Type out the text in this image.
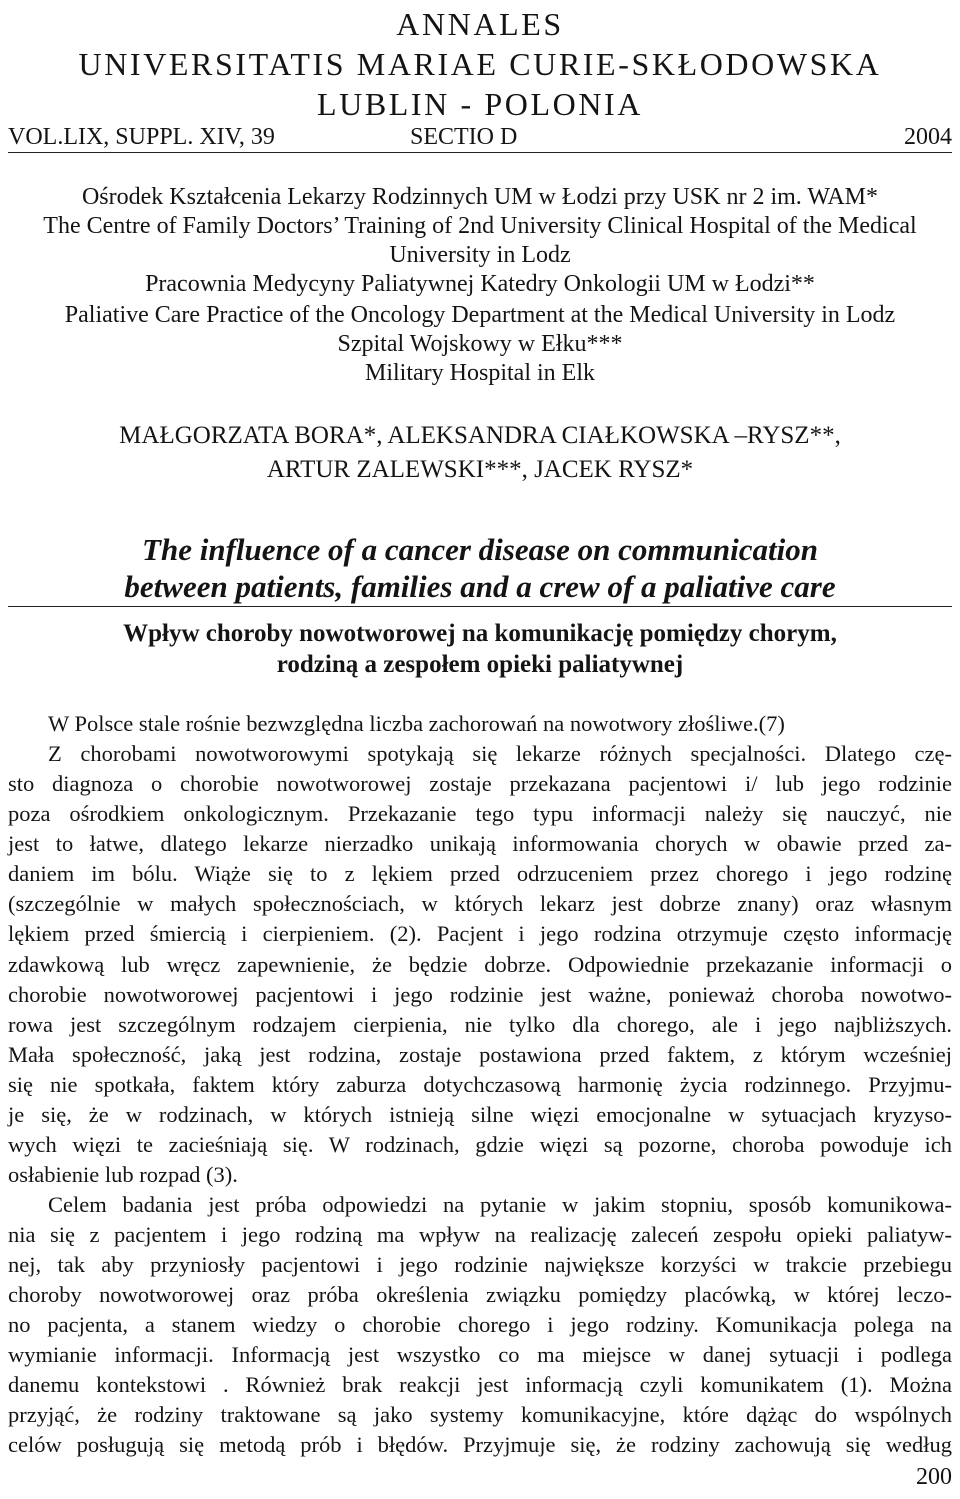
ANNALES
UNIVERSITATIS MARIAE CURIE-SKŁODOWSKA
LUBLIN - POLONIA
VOL.LIX, SUPPL. XIV, 39	SECTIO D	2004
Ośrodek Kształcenia Lekarzy Rodzinnych UM w Łodzi przy USK nr 2 im. WAM*
The Centre of Family Doctors’ Training of 2nd University Clinical Hospital of the Medical
University in Lodz
Pracownia Medycyny Paliatywnej Katedry Onkologii UM w Łodzi**
Paliative Care Practice of the Oncology Department at the Medical University in Lodz
Szpital Wojskowy w Ełku***
Military Hospital in Elk
MAŁGORZATA BORA*, ALEKSANDRA CIAŁKOWSKA –RYSZ**,
ARTUR ZALEWSKI***, JACEK RYSZ*
The influence of a cancer disease on communication
between patients, families and a crew of a paliative care
Wpływ choroby nowotworowej na komunikację pomiędzy chorym,
rodziną a zespołem opieki paliatywnej
W Polsce stale rośnie bezwzględna liczba zachorowań na nowotwory złośliwe.(7)
Z chorobami nowotworowymi spotykają się lekarze różnych specjalności. Dlatego czę-
sto diagnoza o chorobie nowotworowej zostaje przekazana pacjentowi i/ lub jego rodzinie
poza ośrodkiem onkologicznym. Przekazanie tego typu informacji należy się nauczyć, nie
jest to łatwe, dlatego lekarze nierzadko unikają informowania chorych w obawie przed za-
daniem im bólu. Wiąże się to z lękiem przed odrzuceniem przez chorego i jego rodzinę
(szczególnie w małych społecznościach, w których lekarz jest dobrze znany) oraz własnym
lękiem przed śmiercią i cierpieniem. (2). Pacjent i jego rodzina otrzymuje często informację
zdawkową lub wręcz zapewnienie, że będzie dobrze. Odpowiednie przekazanie informacji o
chorobie nowotworowej pacjentowi i jego rodzinie jest ważne, ponieważ choroba nowotwo-
rowa jest szczególnym rodzajem cierpienia, nie tylko dla chorego, ale i jego najbliższych.
Mała społeczność, jaką jest rodzina, zostaje postawiona przed faktem, z którym wcześniej
się nie spotkała, faktem który zaburza dotychczasową harmonię życia rodzinnego. Przyjmu-
je się, że w rodzinach, w których istnieją silne więzi emocjonalne w sytuacjach kryzyso-
wych więzi te zacieśniają się. W rodzinach, gdzie więzi są pozorne, choroba powoduje ich
osłabienie lub rozpad (3).
Celem badania jest próba odpowiedzi na pytanie w jakim stopniu, sposób komunikowa-
nia się z pacjentem i jego rodziną ma wpływ na realizację zaleceń zespołu opieki paliatyw-
nej, tak aby przyniosły pacjentowi i jego rodzinie największe korzyści w trakcie przebiegu
choroby nowotworowej oraz próba określenia związku pomiędzy placówką, w której leczo-
no pacjenta, a stanem wiedzy o chorobie chorego i jego rodziny. Komunikacja polega na
wymianie informacji. Informacją jest wszystko co ma miejsce w danej sytuacji i podlega
danemu kontekstowi . Również brak reakcji jest informacją czyli komunikatem (1). Można
przyjąć, że rodziny traktowane są jako systemy komunikacyjne, które dążąc do wspólnych
celów posługują się metodą prób i błędów. Przyjmuje się, że rodziny zachowują się według
200
